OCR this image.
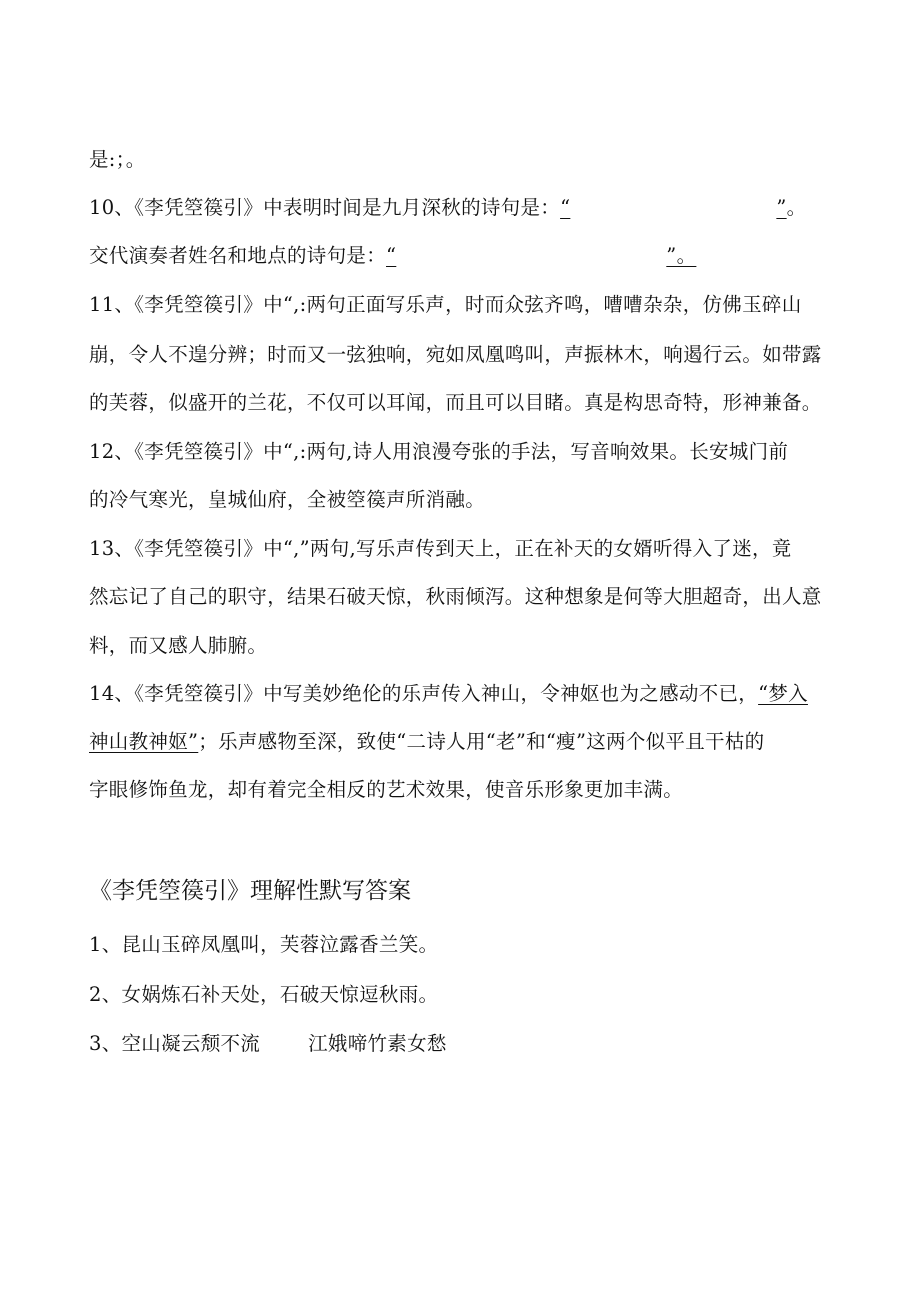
是:；。
10、《李凭箜篌引》中表明时间是九月深秋的诗句是：“	”。
交代演奏者姓名和地点的诗句是：“	”。
11、《李凭箜篌引》中“,:两句正面写乐声，时而众弦齐鸣，嘈嘈杂杂，仿佛玉碎山
崩，令人不遑分辨；时而又一弦独响，宛如凤凰鸣叫，声振林木，响遏行云。如带露
的芙蓉，似盛开的兰花，不仅可以耳闻，而且可以目睹。真是构思奇特，形神兼备。
12、《李凭箜篌引》中“,:两句,诗人用浪漫夸张的手法，写音响效果。长安城门前
的冷气寒光，皇城仙府，全被箜篌声所消融。
13、《李凭箜篌引》中“,”两句,写乐声传到天上，正在补天的女婿听得入了迷，竟
然忘记了自己的职守，结果石破天惊，秋雨倾泻。这种想象是何等大胆超奇，出人意
料，而又感人肺腑。
14、《李凭箜篌引》中写美妙绝伦的乐声传入神山，令神妪也为之感动不已，“梦入
神山教神妪”；乐声感物至深，致使“二诗人用“老”和“瘦”这两个似平且干枯的
字眼修饰鱼龙，却有着完全相反的艺术效果，使音乐形象更加丰满。
《李凭箜篌引》理解性默写答案
1、昆山玉碎凤凰叫，芙蓉泣露香兰笑。
2、女娲炼石补天处，石破天惊逗秋雨。
3、空山凝云颓不流 江娥啼竹素女愁
